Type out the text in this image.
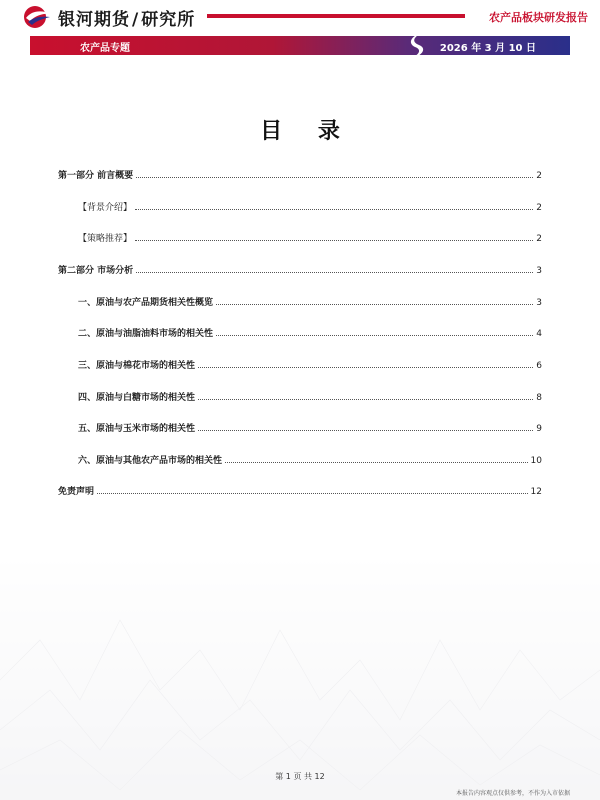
银河期货 / 研究所	农产品板块研发报告
农产品专题	2026 年 3 月 10 日
目 录
第一部分 前言概要	2
【背景介绍】	2
【策略推荐】	2
第二部分 市场分析	3
一、原油与农产品期货相关性概览	3
二、原油与油脂油料市场的相关性	4
三、原油与棉花市场的相关性	6
四、原油与白糖市场的相关性	8
五、原油与玉米市场的相关性	9
六、原油与其他农产品市场的相关性	10
免责声明	12
第 1 页 共 12
本报告内容观点仅供参考，不作为入市依据
